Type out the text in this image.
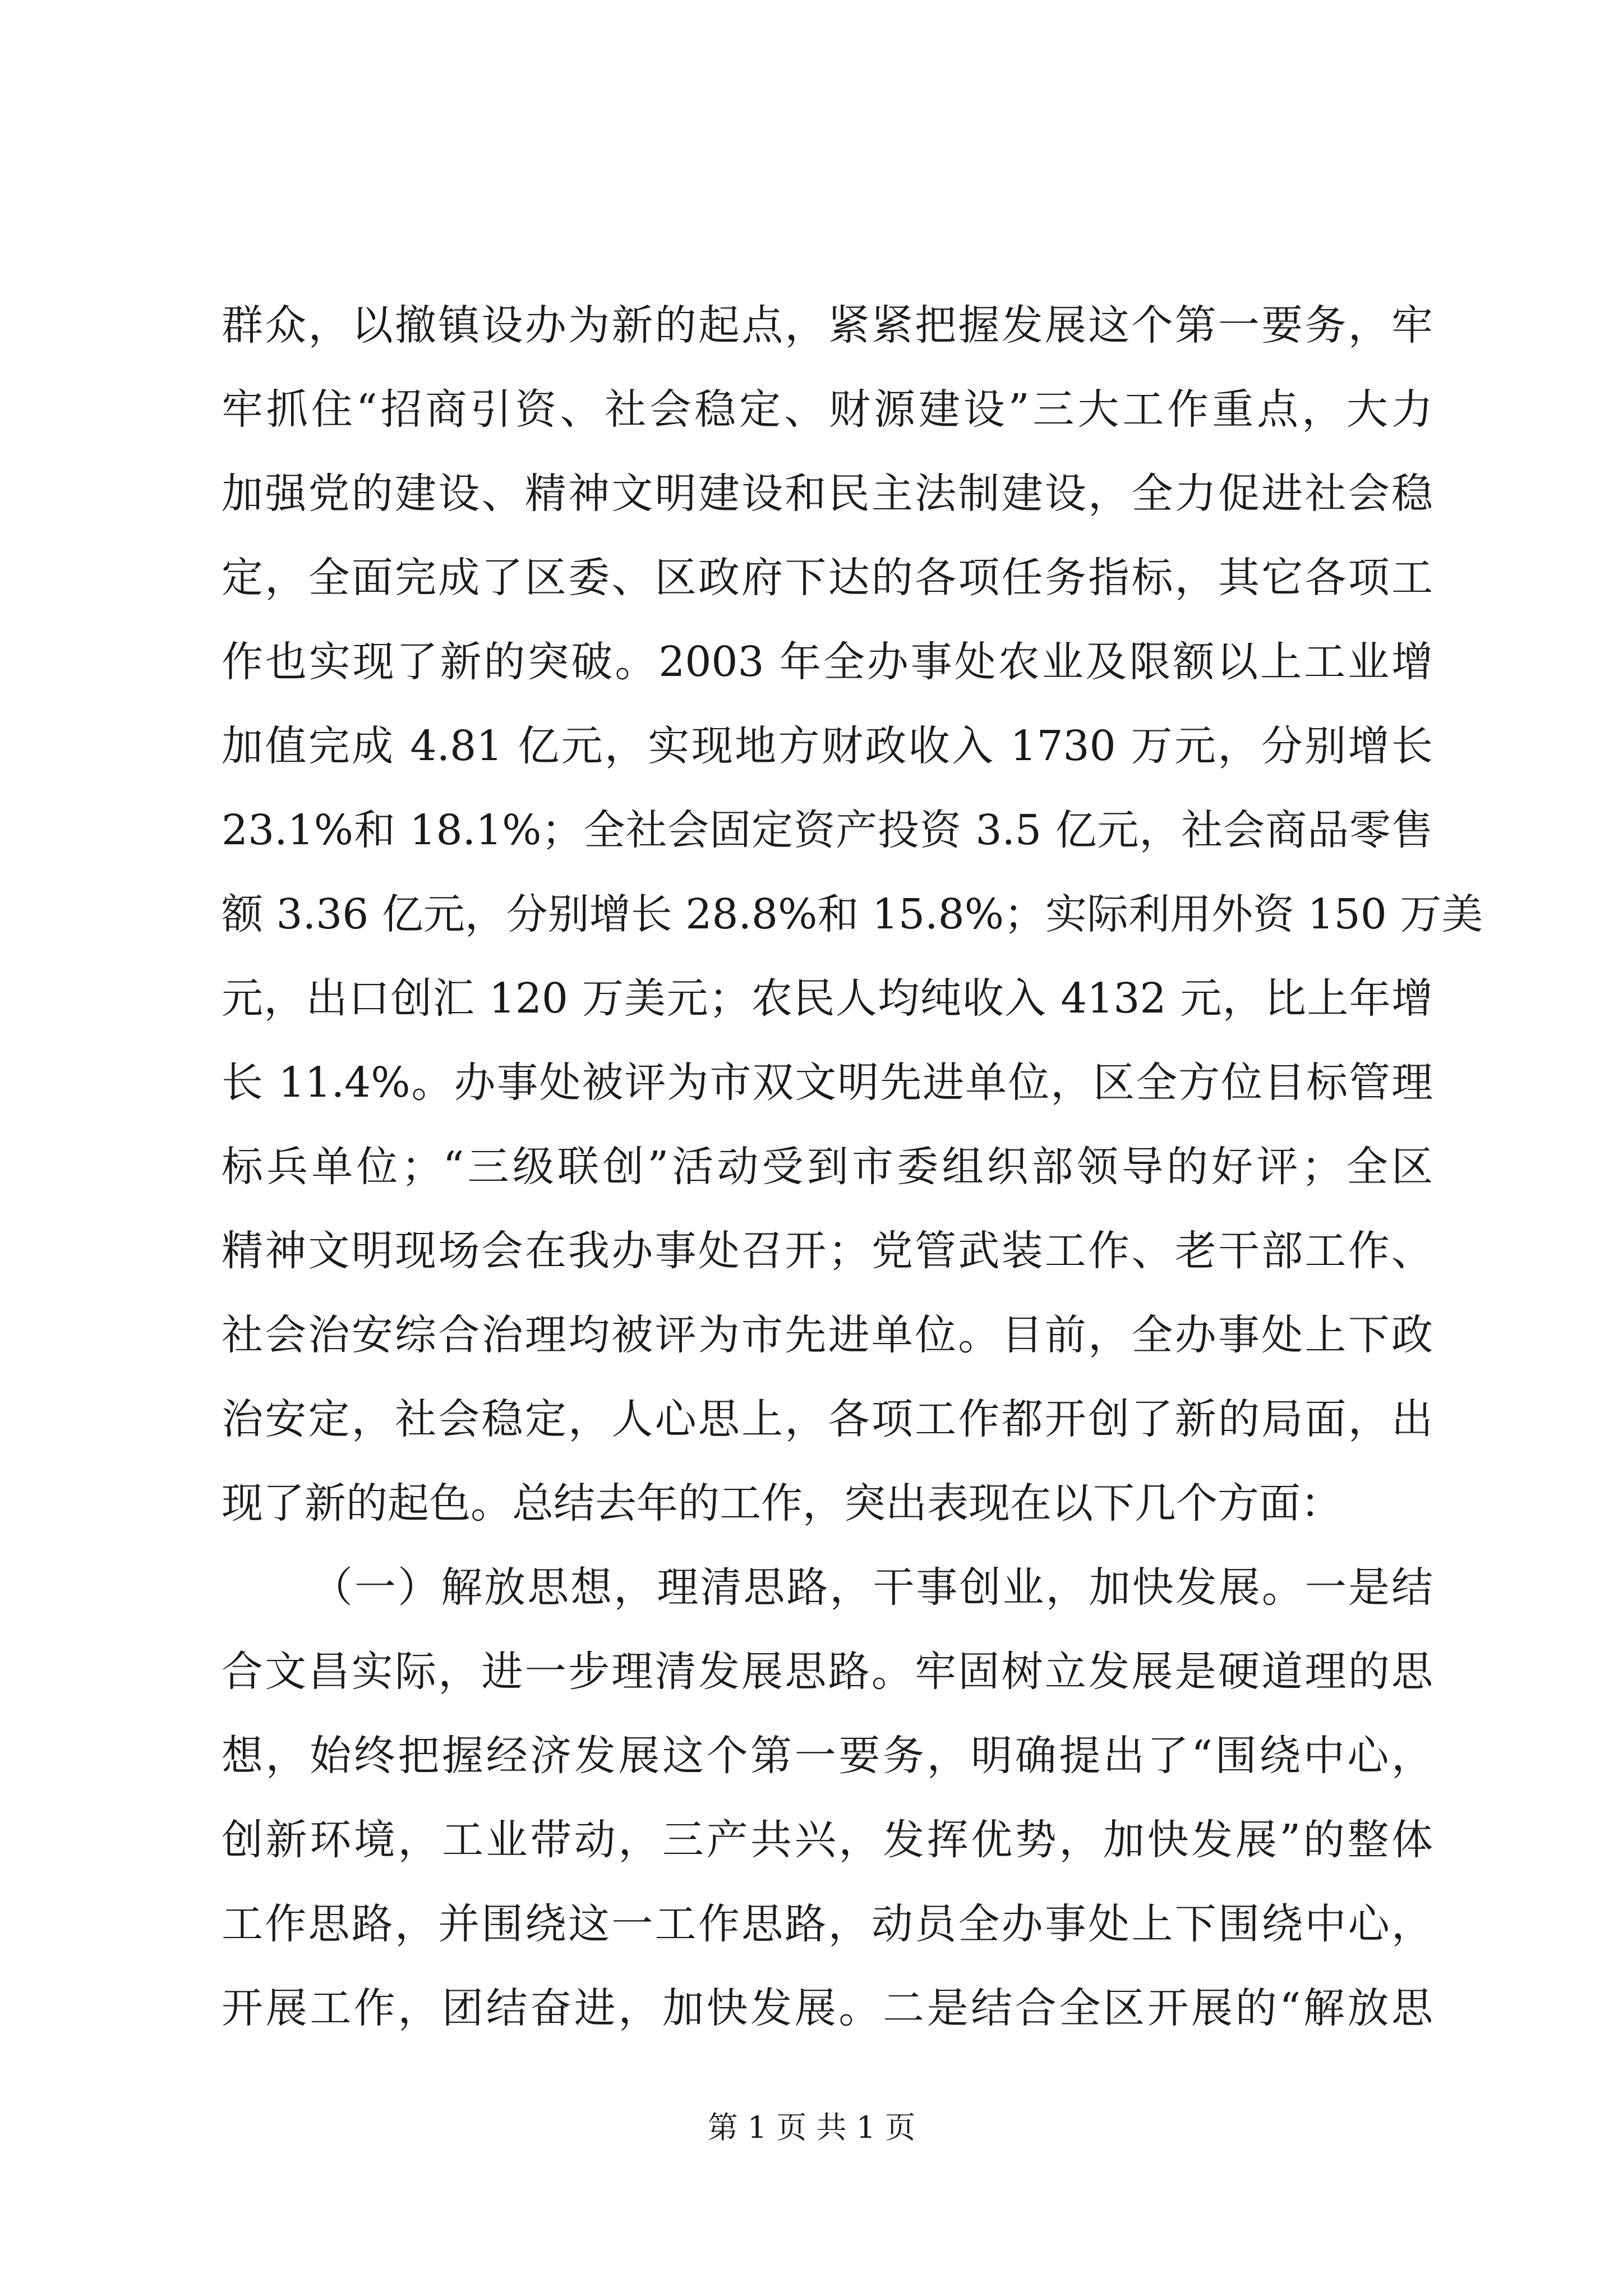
群众，以撤镇设办为新的起点，紧紧把握发展这个第一要务，牢
牢抓住“招商引资、社会稳定、财源建设”三大工作重点，大力
加强党的建设、精神文明建设和民主法制建设，全力促进社会稳
定，全面完成了区委、区政府下达的各项任务指标，其它各项工
作也实现了新的突破。2003 年全办事处农业及限额以上工业增
加值完成 4.81 亿元，实现地方财政收入 1730 万元，分别增长
23.1%和 18.1%；全社会固定资产投资 3.5 亿元，社会商品零售
额 3.36 亿元，分别增长 28.8%和 15.8%；实际利用外资 150 万美
元，出口创汇 120 万美元；农民人均纯收入 4132 元，比上年增
长 11.4%。办事处被评为市双文明先进单位，区全方位目标管理
标兵单位；“三级联创”活动受到市委组织部领导的好评；全区
精神文明现场会在我办事处召开；党管武装工作、老干部工作、
社会治安综合治理均被评为市先进单位。目前，全办事处上下政
治安定，社会稳定，人心思上，各项工作都开创了新的局面，出
现了新的起色。总结去年的工作，突出表现在以下几个方面：
（一）解放思想，理清思路，干事创业，加快发展。一是结
合文昌实际，进一步理清发展思路。牢固树立发展是硬道理的思
想，始终把握经济发展这个第一要务，明确提出了“围绕中心，
创新环境，工业带动，三产共兴，发挥优势，加快发展”的整体
工作思路，并围绕这一工作思路，动员全办事处上下围绕中心，
开展工作，团结奋进，加快发展。二是结合全区开展的“解放思
第 1 页 共 1 页
